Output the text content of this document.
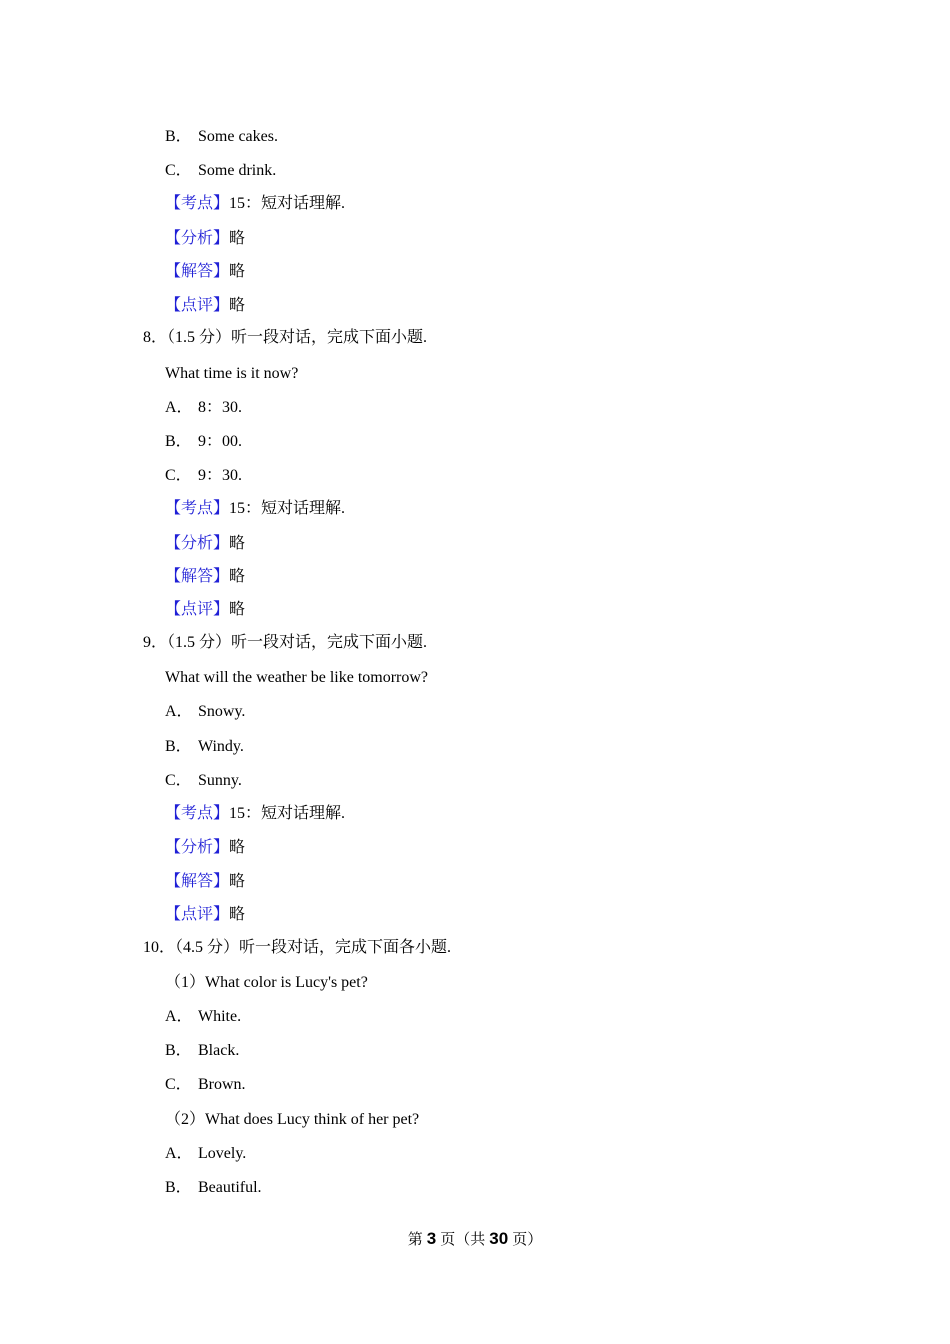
B． Some cakes.
C． Some drink.
【考点】15：短对话理解.
【分析】略
【解答】略
【点评】略
8．（1.5 分）听一段对话，完成下面小题.
What time is it now?
A． 8：30.
B． 9：00.
C． 9：30.
【考点】15：短对话理解.
【分析】略
【解答】略
【点评】略
9．（1.5 分）听一段对话，完成下面小题.
What will the weather be like tomorrow?
A． Snowy.
B． Windy.
C． Sunny.
【考点】15：短对话理解.
【分析】略
【解答】略
【点评】略
10．（4.5 分）听一段对话，完成下面各小题.
（1）What color is Lucy's pet?
A． White.
B． Black.
C． Brown.
（2）What does Lucy think of her pet?
A． Lovely.
B． Beautiful.
第 3 页（共 30 页）
